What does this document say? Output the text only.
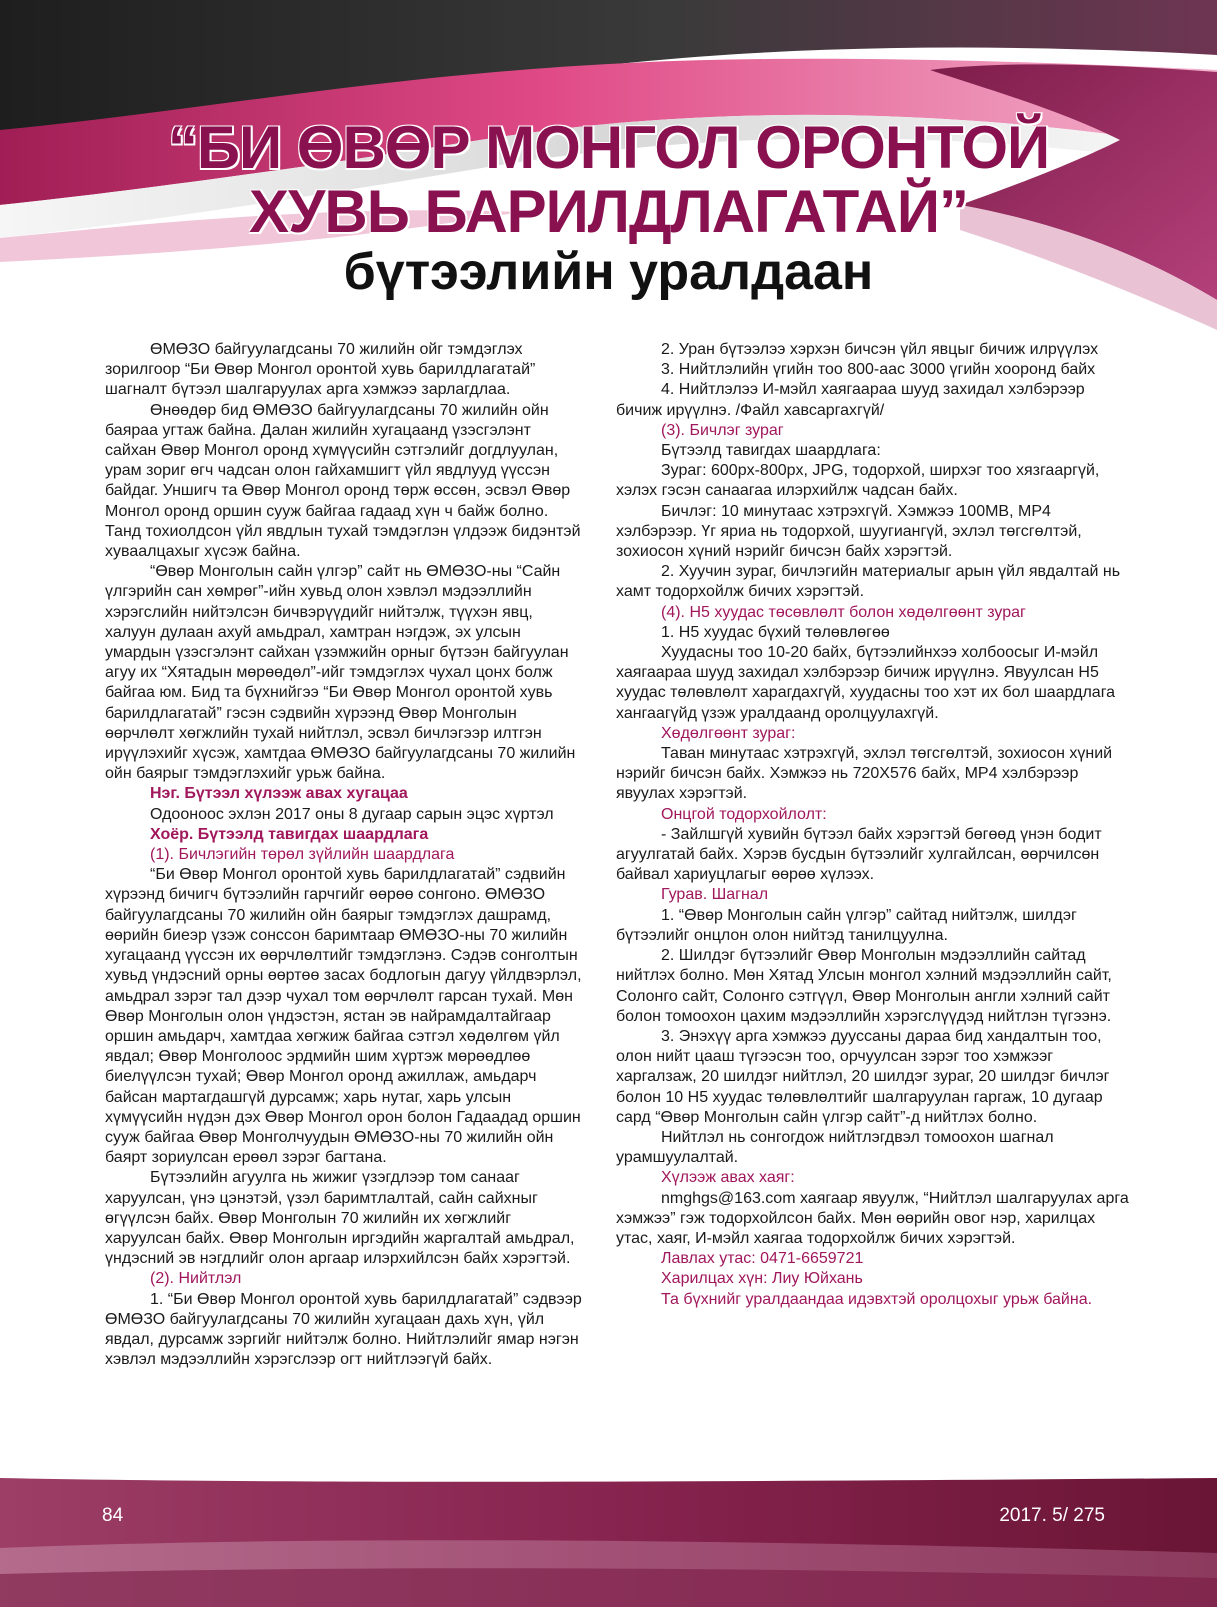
“БИ ӨВӨР МОНГОЛ ОРОНТОЙ
ХУВЬ БАРИЛДЛАГАТАЙ”
бүтээлийн уралдаан

ӨМӨЗО байгуулагдсаны 70 жилийн ойг тэмдэглэх зорилгоор “Би Өвөр Монгол оронтой хувь барилдлагатай” шагналт бүтээл шалгаруулах арга хэмжээ зарлагдлаа.

Өнөөдөр бид ӨМӨЗО байгуулагдсаны 70 жилийн ойн баяраа угтаж байна. Далан жилийн хугацаанд үзэсгэлэнт сайхан Өвөр Монгол оронд хүмүүсийн сэтгэлийг догдлуулан, урам зориг өгч чадсан олон гайхамшигт үйл явдлууд үүссэн байдаг. Уншигч та Өвөр Монгол оронд төрж өссөн, эсвэл Өвөр Монгол оронд оршин сууж байгаа гадаад хүн ч байж болно. Танд тохиолдсон үйл явдлын тухай тэмдэглэн үлдээж бидэнтэй хуваалцахыг хүсэж байна.

“Өвөр Монголын сайн үлгэр” сайт нь ӨМӨЗО-ны “Сайн үлгэрийн сан хөмрөг”-ийн хувьд олон хэвлэл мэдээллийн хэрэгслийн нийтэлсэн бичвэрүүдийг нийтэлж, түүхэн явц, халуун дулаан ахуй амьдрал, хамтран нэгдэж, эх улсын умардын үзэсгэлэнт сайхан үзэмжийн орныг бүтээн байгуулан агуу их “Хятадын мөрөөдөл”-ийг тэмдэглэх чухал цонх болж байгаа юм. Бид та бүхнийгээ “Би Өвөр Монгол оронтой хувь барилдлагатай” гэсэн сэдвийн хүрээнд Өвөр Монголын өөрчлөлт хөгжлийн тухай нийтлэл, эсвэл бичлэгээр илтгэн ирүүлэхийг хүсэж, хамтдаа ӨМӨЗО байгуулагдсаны 70 жилийн ойн баярыг тэмдэглэхийг урьж байна.

Нэг. Бүтээл хүлээж авах хугацаа

Одооноос эхлэн 2017 оны 8 дугаар сарын эцэс хүртэл

Хоёр. Бүтээлд тавигдах шаардлага

(1). Бичлэгийн төрөл зүйлийн шаардлага

“Би Өвөр Монгол оронтой хувь барилдлагатай” сэдвийн хүрээнд бичигч бүтээлийн гарчгийг өөрөө сонгоно. ӨМӨЗО байгуулагдсаны 70 жилийн ойн баярыг тэмдэглэх дашрамд, өөрийн биеэр үзэж сонссон баримтаар ӨМӨЗО-ны 70 жилийн хугацаанд үүссэн их өөрчлөлтийг тэмдэглэнэ. Сэдэв сонголтын хувьд үндэсний орны өөртөө засах бодлогын дагуу үйлдвэрлэл, амьдрал зэрэг тал дээр чухал том өөрчлөлт гарсан тухай. Мөн Өвөр Монголын олон үндэстэн, ястан эв найрамдалтайгаар оршин амьдарч, хамтдаа хөгжиж байгаа сэтгэл хөдөлгөм үйл явдал; Өвөр Монголоос эрдмийн шим хүртэж мөрөөдлөө биелүүлсэн тухай; Өвөр Монгол оронд ажиллаж, амьдарч байсан мартагдашгүй дурсамж; харь нутаг, харь улсын хүмүүсийн нүдэн дэх Өвөр Монгол орон болон Гадаадад оршин сууж байгаа Өвөр Монголчуудын ӨМӨЗО-ны 70 жилийн ойн баярт зориулсан ерөөл зэрэг багтана.

Бүтээлийн агуулга нь жижиг үзэгдлээр том санааг харуулсан, үнэ цэнэтэй, үзэл баримтлалтай, сайн сайхныг өгүүлсэн байх. Өвөр Монголын 70 жилийн их хөгжлийг харуулсан байх. Өвөр Монголын иргэдийн жаргалтай амьдрал, үндэсний эв нэгдлийг олон аргаар илэрхийлсэн байх хэрэгтэй.

(2). Нийтлэл

1. “Би Өвөр Монгол оронтой хувь барилдлагатай” сэдвээр ӨМӨЗО байгуулагдсаны 70 жилийн хугацаан дахь хүн, үйл явдал, дурсамж зэргийг нийтэлж болно. Нийтлэлийг ямар нэгэн хэвлэл мэдээллийн хэрэгслээр огт нийтлээгүй байх.

2. Уран бүтээлээ хэрхэн бичсэн үйл явцыг бичиж илрүүлэх

3. Нийтлэлийн үгийн тоо 800-аас 3000 үгийн хооронд байх

4. Нийтлэлээ И-мэйл хаягаараа шууд захидал хэлбэрээр бичиж ирүүлнэ. /Файл хавсаргахгүй/

(3). Бичлэг зураг

Бүтээлд тавигдах шаардлага:

Зураг: 600px-800px, JPG, тодорхой, ширхэг тоо хязгааргүй, хэлэх гэсэн санаагаа илэрхийлж чадсан байх.

Бичлэг: 10 минутаас хэтрэхгүй. Хэмжээ 100MB, MP4 хэлбэрээр. Үг яриа нь тодорхой, шуугиангүй, эхлэл төгсгөлтэй, зохиосон хүний нэрийг бичсэн байх хэрэгтэй.

2. Хуучин зураг, бичлэгийн материалыг арын үйл явдалтай нь хамт тодорхойлж бичих хэрэгтэй.

(4). H5 хуудас төсөвлөлт болон хөдөлгөөнт зураг

1. H5 хуудас бүхий төлөвлөгөө

Хуудасны тоо 10-20 байх, бүтээлийнхээ холбоосыг И-мэйл хаягаараа шууд захидал хэлбэрээр бичиж ирүүлнэ. Явуулсан H5 хуудас төлөвлөлт харагдахгүй, хуудасны тоо хэт их бол шаардлага хангаагүйд үзэж уралдаанд оролцуулахгүй.

Хөдөлгөөнт зураг:

Таван минутаас хэтрэхгүй, эхлэл төгсгөлтэй, зохиосон хүний нэрийг бичсэн байх. Хэмжээ нь 720X576 байх, MP4 хэлбэрээр явуулах хэрэгтэй.

Онцгой тодорхойлолт:

- Зайлшгүй хувийн бүтээл байх хэрэгтэй бөгөөд үнэн бодит агуулгатай байх. Хэрэв бусдын бүтээлийг хулгайлсан, өөрчилсөн байвал хариуцлагыг өөрөө хүлээх.

Гурав. Шагнал

1. “Өвөр Монголын сайн үлгэр” сайтад нийтэлж, шилдэг бүтээлийг онцлон олон нийтэд танилцуулна.

2. Шилдэг бүтээлийг Өвөр Монголын мэдээллийн сайтад нийтлэх болно. Мөн Хятад Улсын монгол хэлний мэдээллийн сайт, Солонго сайт, Солонго сэтгүүл, Өвөр Монголын англи хэлний сайт болон томоохон цахим мэдээллийн хэрэгслүүдэд нийтлэн түгээнэ.

3. Энэхүү арга хэмжээ дууссаны дараа бид хандалтын тоо, олон нийт цааш түгээсэн тоо, орчуулсан зэрэг тоо хэмжээг харгалзаж, 20 шилдэг нийтлэл, 20 шилдэг зураг, 20 шилдэг бичлэг болон 10 H5 хуудас төлөвлөлтийг шалгаруулан гаргаж, 10 дугаар сард “Өвөр Монголын сайн үлгэр сайт”-д нийтлэх болно.

Нийтлэл нь сонгогдож нийтлэгдвэл томоохон шагнал урамшуулалтай.

Хүлээж авах хаяг:

nmghgs@163.com хаягаар явуулж, “Нийтлэл шалгаруулах арга хэмжээ” гэж тодорхойлсон байх. Мөн өөрийн овог нэр, харилцах утас, хаяг, И-мэйл хаягаа тодорхойлж бичих хэрэгтэй.

Лавлах утас: 0471-6659721

Харилцах хүн: Лиу Юйхань

Та бүхнийг уралдаандаа идэвхтэй оролцохыг урьж байна.

84	2017. 5/ 275
